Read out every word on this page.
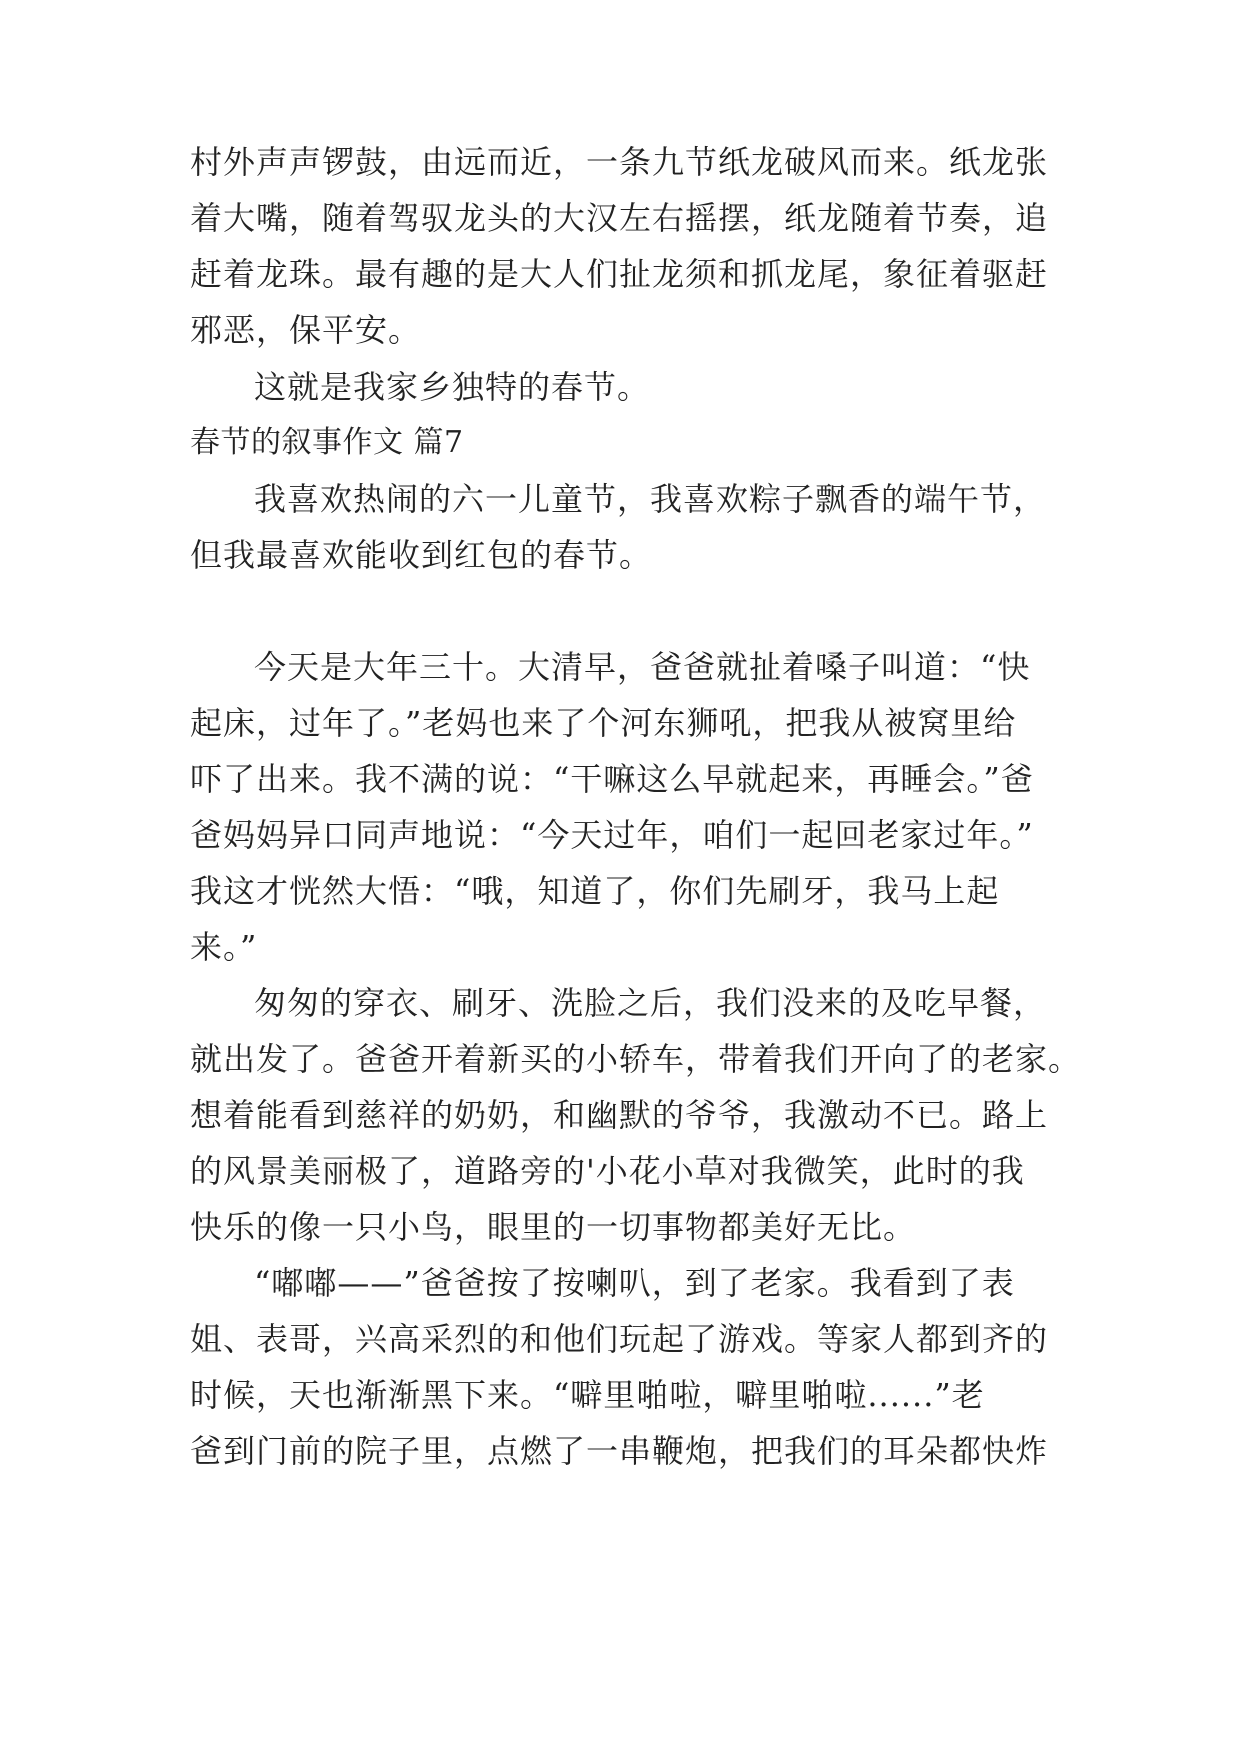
村外声声锣鼓，由远而近，一条九节纸龙破风而来。纸龙张
着大嘴，随着驾驭龙头的大汉左右摇摆，纸龙随着节奏，追
赶着龙珠。最有趣的是大人们扯龙须和抓龙尾，象征着驱赶
邪恶，保平安。
这就是我家乡独特的春节。
春节的叙事作文 篇7
我喜欢热闹的六一儿童节，我喜欢粽子飘香的端午节，
但我最喜欢能收到红包的春节。
今天是大年三十。大清早，爸爸就扯着嗓子叫道：“快
起床，过年了。”老妈也来了个河东狮吼，把我从被窝里给
吓了出来。我不满的说：“干嘛这么早就起来，再睡会。”爸
爸妈妈异口同声地说：“今天过年，咱们一起回老家过年。”
我这才恍然大悟：“哦，知道了，你们先刷牙，我马上起
来。”
匆匆的穿衣、刷牙、洗脸之后，我们没来的及吃早餐，
就出发了。爸爸开着新买的小轿车，带着我们开向了的老家。
想着能看到慈祥的奶奶，和幽默的爷爷，我激动不已。路上
的风景美丽极了，道路旁的'小花小草对我微笑，此时的我
快乐的像一只小鸟，眼里的一切事物都美好无比。
“嘟嘟——”爸爸按了按喇叭，到了老家。我看到了表
姐、表哥，兴高采烈的和他们玩起了游戏。等家人都到齐的
时候，天也渐渐黑下来。“噼里啪啦，噼里啪啦......”老
爸到门前的院子里，点燃了一串鞭炮，把我们的耳朵都快炸
